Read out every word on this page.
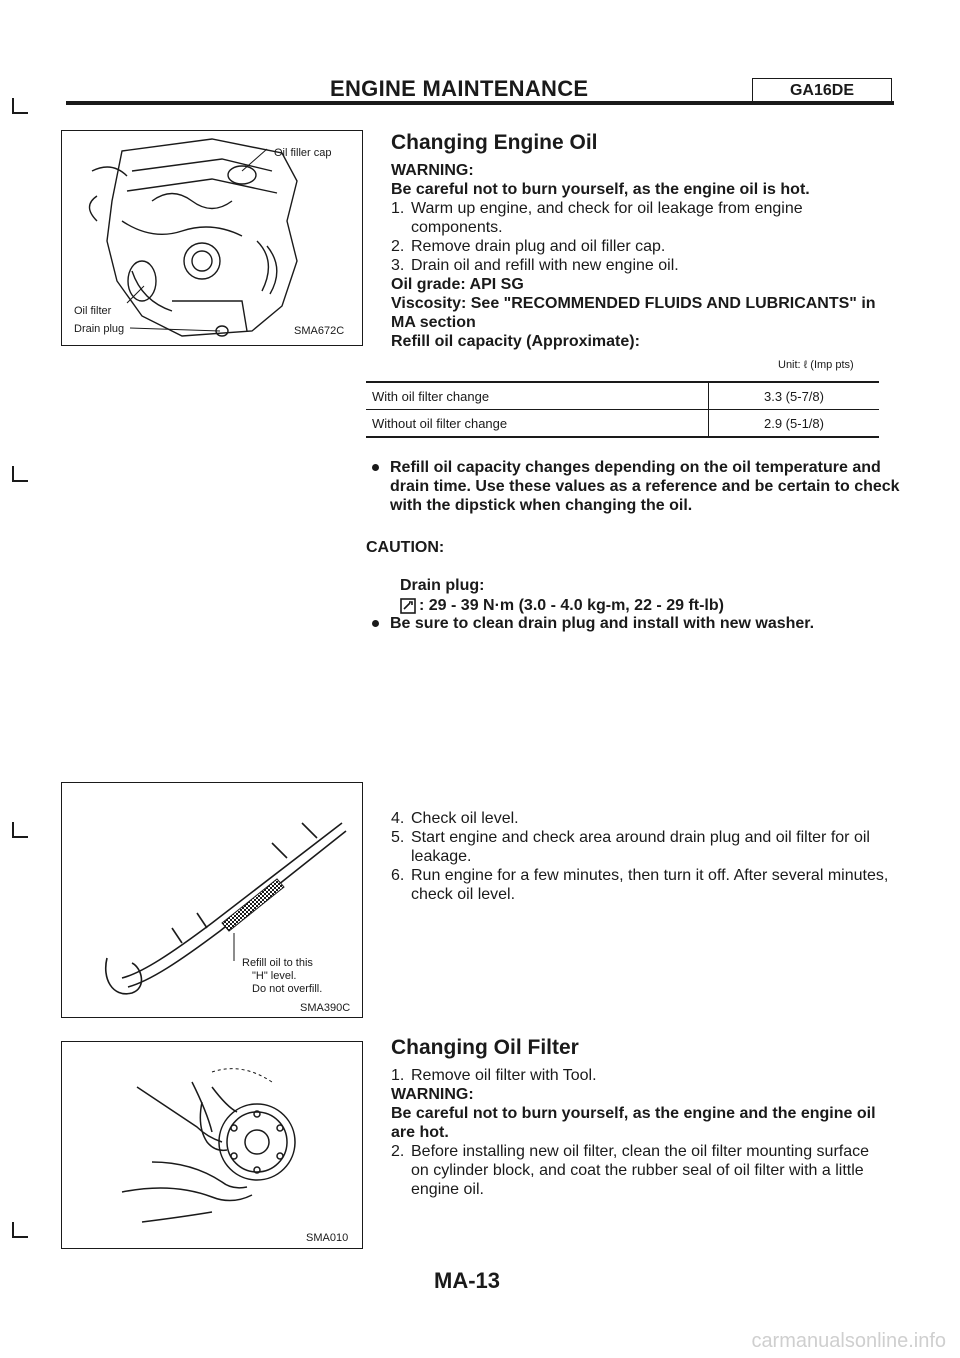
ENGINE MAINTENANCE	GA16DE
Oil filler cap
Oil filter
Drain plug	SMA672C
Changing Engine Oil
WARNING:
Be careful not to burn yourself, as the engine oil is hot.
1. Warm up engine, and check for oil leakage from engine components.
2. Remove drain plug and oil filler cap.
3. Drain oil and refill with new engine oil.
Oil grade: API SG
Viscosity: See "RECOMMENDED FLUIDS AND LUBRICANTS" in MA section
Refill oil capacity (Approximate):
Unit: ℓ (Imp pts)
With oil filter change	3.3 (5-7/8)
Without oil filter change	2.9 (5-1/8)
Refill oil capacity changes depending on the oil temperature and drain time. Use these values as a reference and be certain to check with the dipstick when changing the oil.
CAUTION:
Be sure to clean drain plug and install with new washer.
Drain plug:
: 29 - 39 N·m (3.0 - 4.0 kg-m, 22 - 29 ft-lb)
Refill oil to this
"H" level.
Do not overfill.
SMA390C
4. Check oil level.
5. Start engine and check area around drain plug and oil filter for oil leakage.
6. Run engine for a few minutes, then turn it off. After several minutes, check oil level.
SMA010
Changing Oil Filter
1. Remove oil filter with Tool.
WARNING:
Be careful not to burn yourself, as the engine and the engine oil are hot.
2. Before installing new oil filter, clean the oil filter mounting surface on cylinder block, and coat the rubber seal of oil filter with a little engine oil.
MA-13
carmanualsonline.info
